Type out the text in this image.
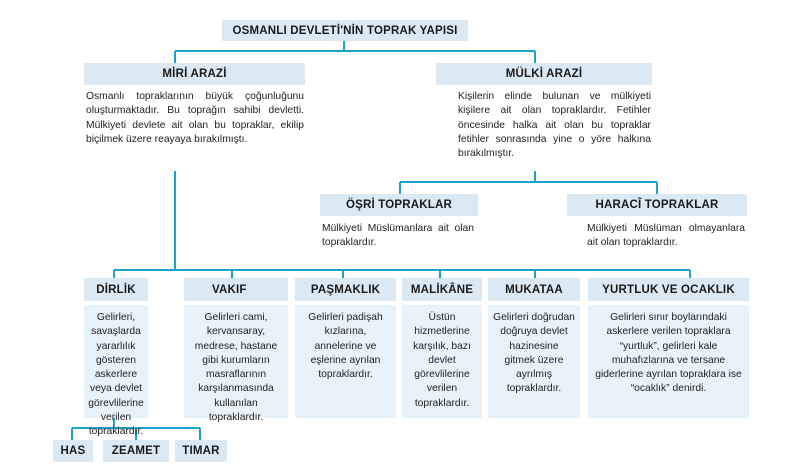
OSMANLI DEVLETİ'NİN TOPRAK YAPISI
MİRİ ARAZİ
Osmanlı topraklarının büyük çoğunluğunu oluşturmaktadır. Bu toprağın sahibi devletti. Mülkiyeti devlete ait olan bu topraklar, ekilip biçilmek üzere reayaya bırakılmıştı.
MÜLKİ ARAZİ
Kişilerin elinde bulunan ve mülkiyeti kişilere ait olan topraklardır. Fetihler öncesinde halka ait olan bu topraklar fetihler sonrasında yine o yöre halkına bırakılmıştır.
ÖŞRİ TOPRAKLAR
Mülkiyeti Müslümanlara ait olan topraklardır.
HARACÎ TOPRAKLAR
Mülkiyeti Müslüman olmayanlara ait olan topraklardır.
DİRLİK
Gelirleri, savaşlarda yararlılık gösteren askerlere veya devlet görevlilerine verilen topraklardır.
VAKIF
Gelirleri cami, kervansaray, medrese, hastane gibi kurumların masraflarının karşılanmasında kullanılan topraklardır.
PAŞMAKLIK
Gelirleri padişah kızlarına, annelerine ve eşlerine ayrılan topraklardır.
MALİKÂNE
Üstün hizmetlerine karşılık, bazı devlet görevlilerine verilen topraklardır.
MUKATAA
Gelirleri doğrudan doğruya devlet hazinesine gitmek üzere ayrılmış topraklardır.
YURTLUK VE OCAKLIK
Gelirleri sınır boylarındaki askerlere verilen topraklara “yurtluk”, gelirleri kale muhafızlarına ve tersane giderlerine ayrılan topraklara ise “ocaklık” denirdi.
HAS	ZEAMET	TIMAR
